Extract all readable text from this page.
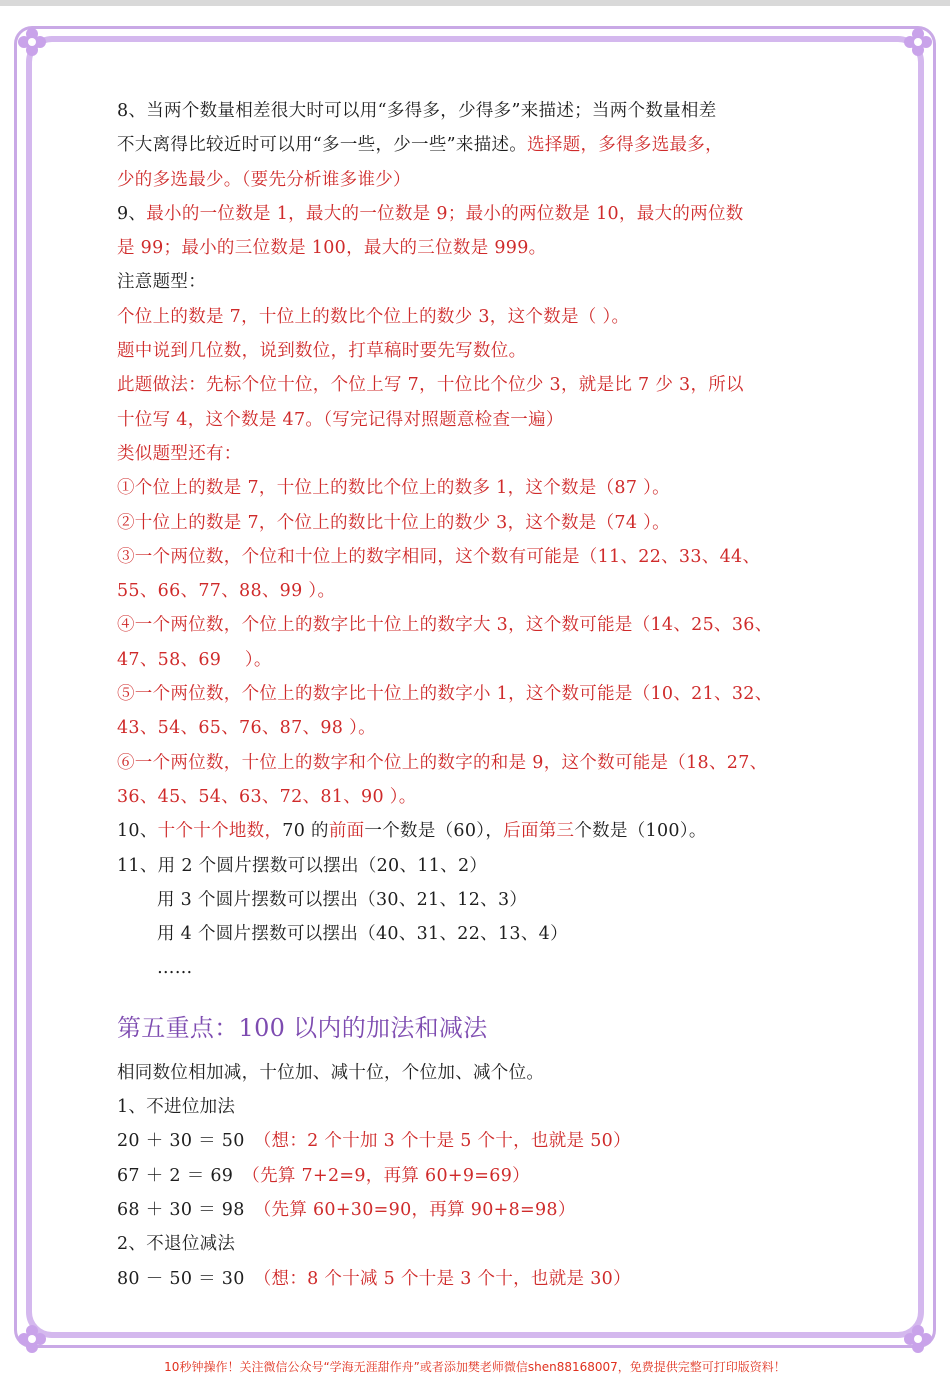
8、当两个数量相差很大时可以用“多得多，少得多”来描述；当两个数量相差
不大离得比较近时可以用“多一些，少一些”来描述。选择题，多得多选最多，
少的多选最少。（要先分析谁多谁少）
9、最小的一位数是 1，最大的一位数是 9；最小的两位数是 10，最大的两位数
是 99；最小的三位数是 100，最大的三位数是 999。
注意题型：
个位上的数是 7，十位上的数比个位上的数少 3，这个数是（ ）。
题中说到几位数，说到数位，打草稿时要先写数位。
此题做法：先标个位十位，个位上写 7，十位比个位少 3，就是比 7 少 3，所以
十位写 4，这个数是 47。（写完记得对照题意检查一遍）
类似题型还有：
①个位上的数是 7，十位上的数比个位上的数多 1，这个数是（87 ）。
②十位上的数是 7，个位上的数比十位上的数少 3，这个数是（74 ）。
③一个两位数，个位和十位上的数字相同，这个数有可能是（11、22、33、44、
55、66、77、88、99 ）。
④一个两位数，个位上的数字比十位上的数字大 3，这个数可能是（14、25、36、
47、58、69　 ）。
⑤一个两位数，个位上的数字比十位上的数字小 1，这个数可能是（10、21、32、
43、54、65、76、87、98 ）。
⑥一个两位数，十位上的数字和个位上的数字的和是 9，这个数可能是（18、27、
36、45、54、63、72、81、90 ）。
10、十个十个地数，70 的前面一个数是（60），后面第三个数是（100）。
11、用 2 个圆片摆数可以摆出（20、11、2）
用 3 个圆片摆数可以摆出（30、21、12、3）
用 4 个圆片摆数可以摆出（40、31、22、13、4）
……
第五重点：100 以内的加法和减法
相同数位相加减，十位加、减十位，个位加、减个位。
1、不进位加法
20 ＋ 30 ＝ 50　（想：2 个十加 3 个十是 5 个十，也就是 50）
67 ＋ 2 ＝ 69　（先算 7+2=9，再算 60+9=69）
68 ＋ 30 ＝ 98　（先算 60+30=90，再算 90+8=98）
2、不退位减法
80 － 50 ＝ 30　（想：8 个十减 5 个十是 3 个十，也就是 30）
10秒钟操作！关注微信公众号“学海无涯甜作舟”或者添加樊老师微信shen88168007，免费提供完整可打印版资料！
